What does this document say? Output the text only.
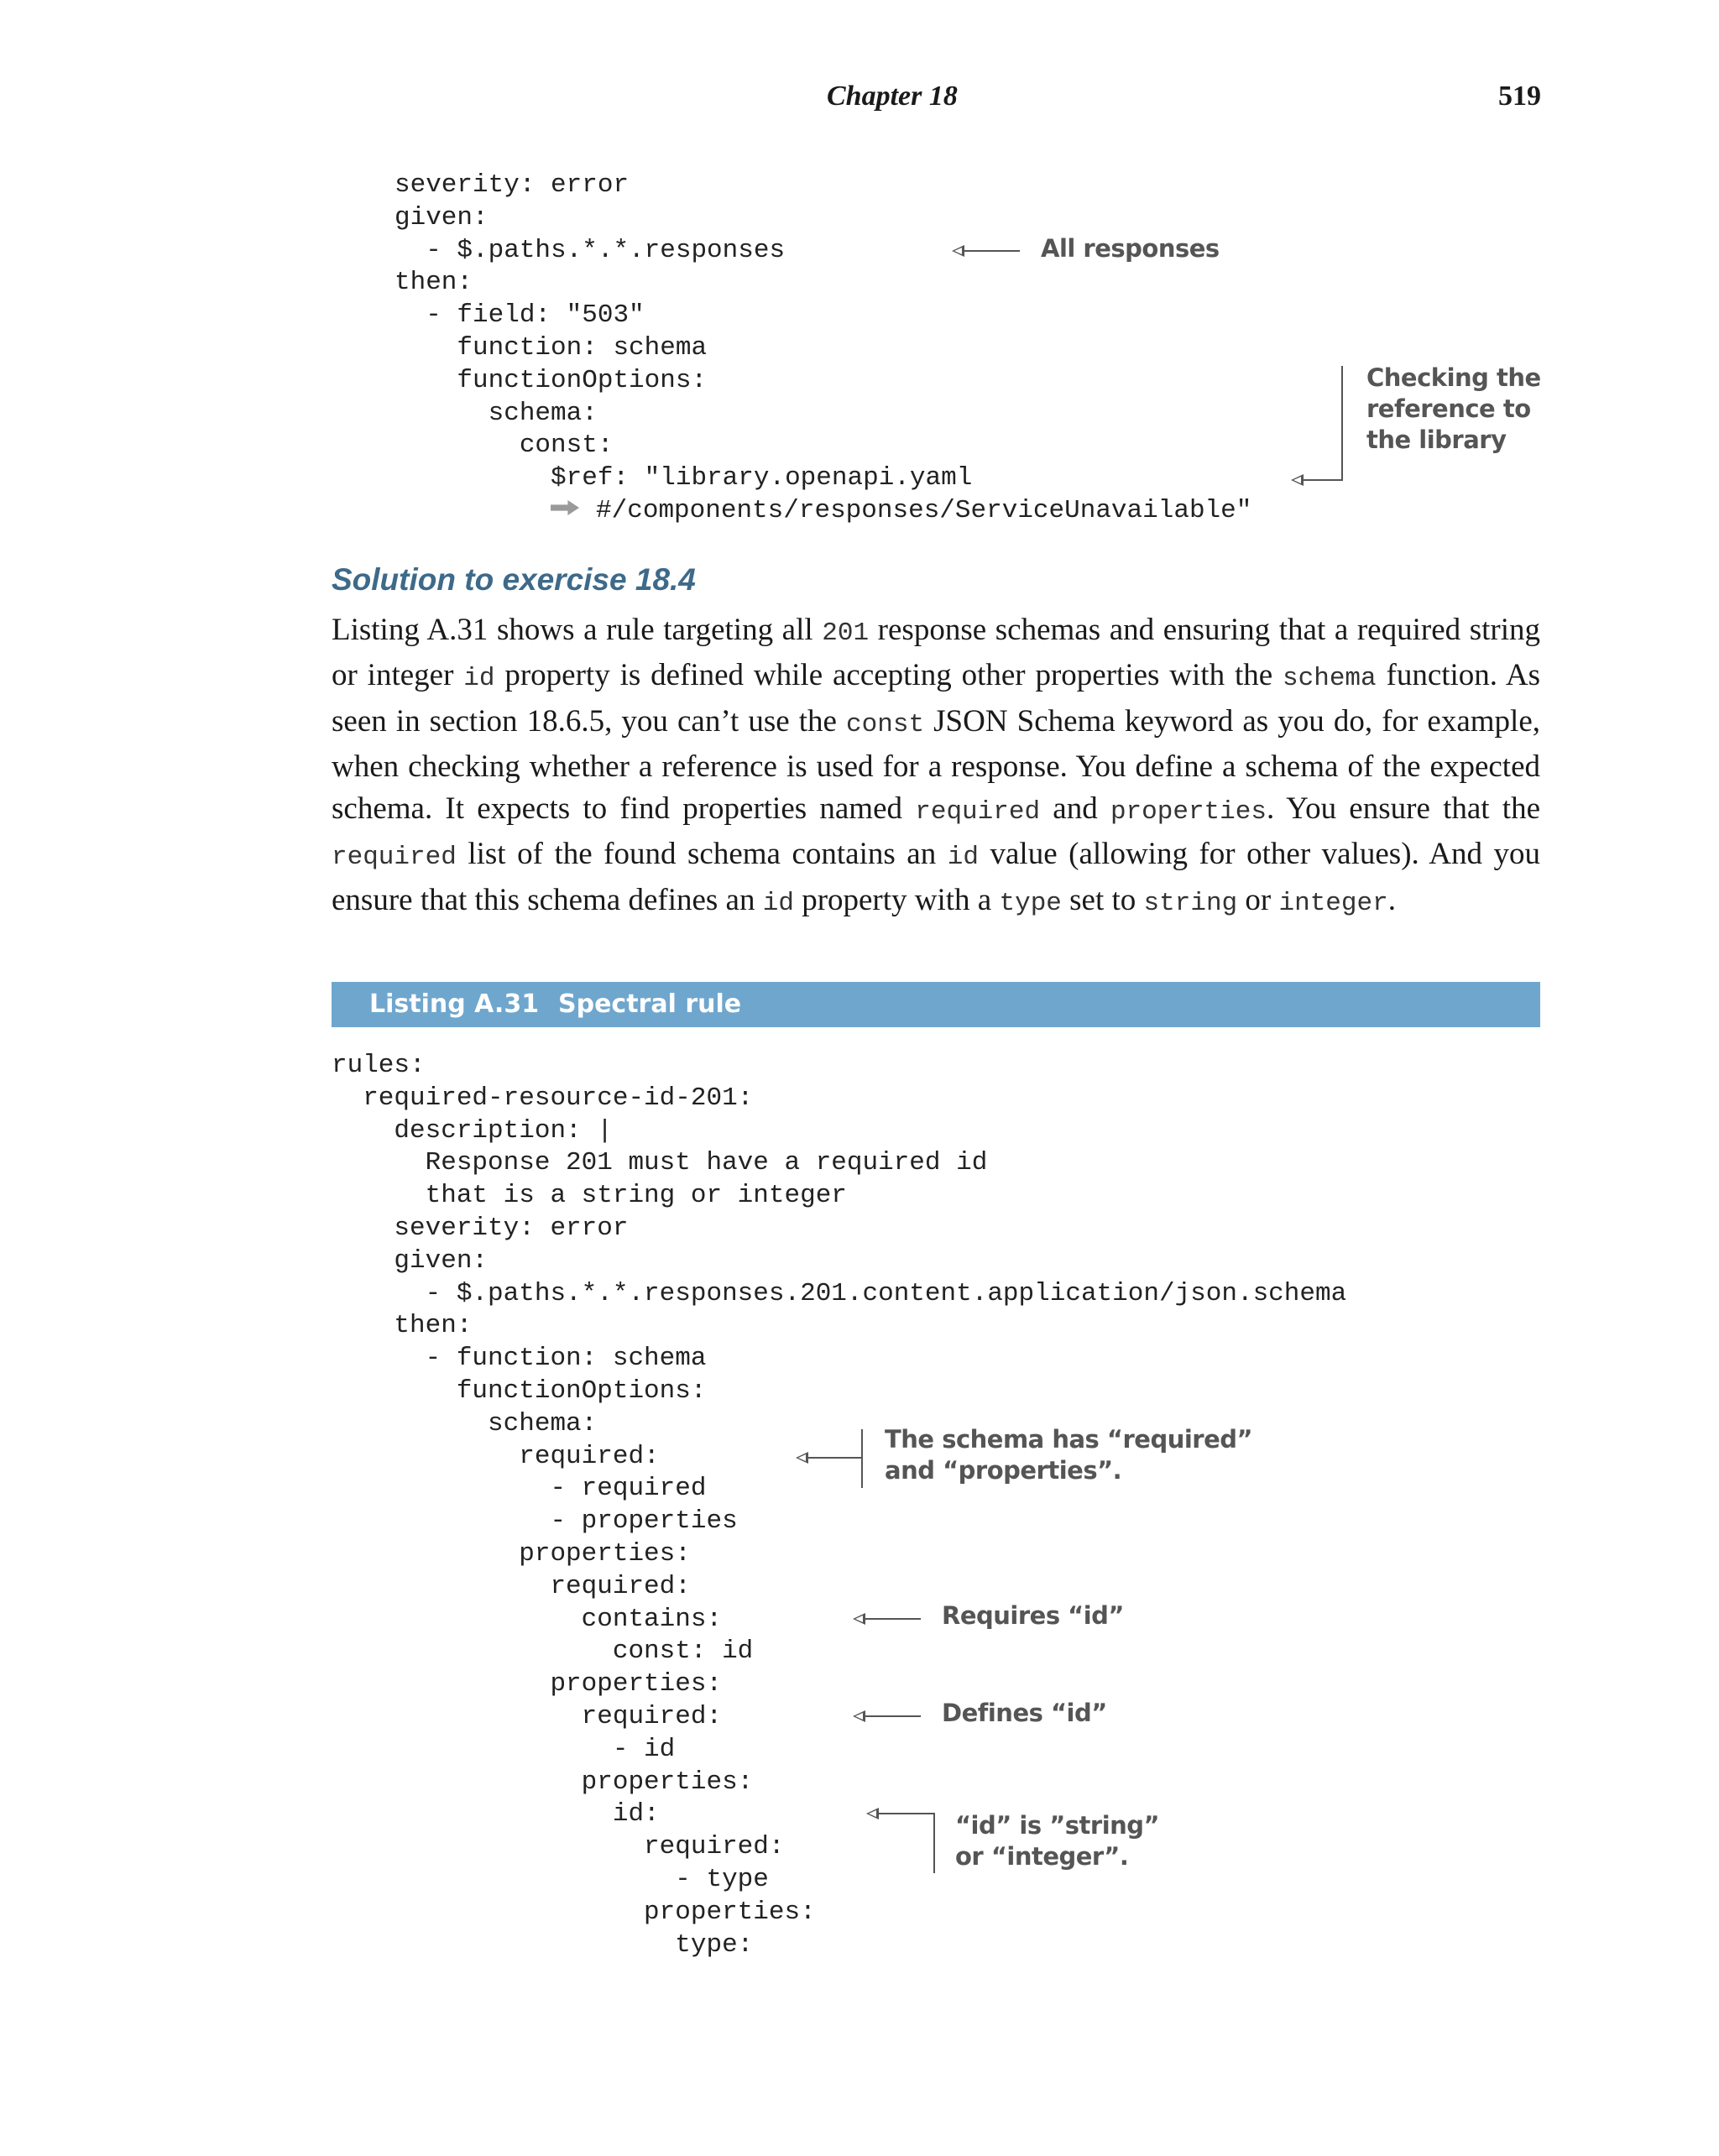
Chapter 18	519
severity: error
given:
- $.paths.*.*.responses
then:
- field: "503"
function: schema
functionOptions:
schema:
const:
$ref: "library.openapi.yaml
#/components/responses/ServiceUnavailable"
All responses
Checking the
reference to
the library
Solution to exercise 18.4

Listing A.31 shows a rule targeting all 201 response schemas and ensuring that a required string or integer id property is defined while accepting other properties with the schema function. As seen in section 18.6.5, you can’t use the const JSON Schema keyword as you do, for example, when checking whether a reference is used for a response. You define a schema of the expected schema. It expects to find properties named required and properties. You ensure that the required list of the found schema contains an id value (allowing for other values). And you ensure that this schema defines an id property with a type set to string or integer.

Listing A.31 Spectral rule
rules:
required-resource-id-201:
description: |
Response 201 must have a required id
that is a string or integer
severity: error
given:
- $.paths.*.*.responses.201.content.application/json.schema
then:
- function: schema
functionOptions:
schema:
required:
- required
- properties
properties:
required:
contains:
const: id
properties:
required:
- id
properties:
id:
required:
- type
properties:
type:
The schema has “required”
and “properties”.
Requires “id”
Defines “id”
“id” is ”string”
or “integer”.
